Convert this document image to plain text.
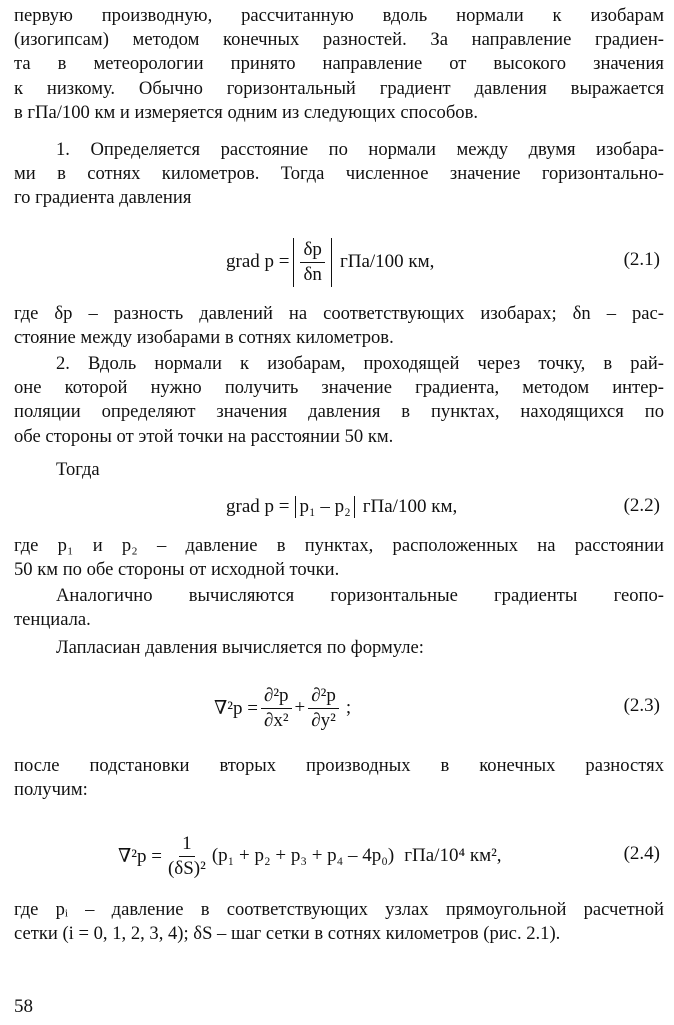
первую производную, рассчитанную вдоль нормали к изобарам
(изогипсам) методом конечных разностей. За направление градиен-
та в метеорологии принято направление от высокого значения
к низкому. Обычно горизонтальный градиент давления выражается
в гПа/100 км и измеряется одним из следующих способов.
1. Определяется расстояние по нормали между двумя изобара-
ми в сотнях километров. Тогда численное значение горизонтально-
го градиента давления
grad $p = \frac{\delta p}{\delta n} гПа/100$ км,	(2.1)
где δp – разность давлений на соответствующих изобарах; δn – рас-
стояние между изобарами в сотнях километров.
2. Вдоль нормали к изобарам, проходящей через точку, в рай-
оне которой нужно получить значение градиента, методом интер-
поляции определяют значения давления в пунктах, находящихся по
обе стороны от этой точки на расстоянии 50 км.
Тогда
grad p = p₁ – p₂ гПа/100 км,	(2.2)
где p₁ и p₂ – давление в пунктах, расположенных на расстоянии
50 км по обе стороны от исходной точки.
Аналогично вычисляются горизонтальные градиенты геопо-
тенциала.
Лапласиан давления вычисляется по формуле:
$\nabla^2p = \frac{\text{∂²p}}{\text{∂x²}} + \frac{\text{∂²p}}{\text{∂y²}}$ ;	(2.3)
после подстановки вторых производных в конечных разностях
получим:
$\nabla^2p = \frac{1}{\text{(δS)²}} (p_1 + p_2 + p_3 + p_4 - 4p_0)$ гПа/10⁴ км²,	(2.4)
где pᵢ – давление в соответствующих узлах прямоугольной расчетной
сетки (i = 0, 1, 2, 3, 4); δS – шаг сетки в сотнях километров (рис. 2.1).
58
